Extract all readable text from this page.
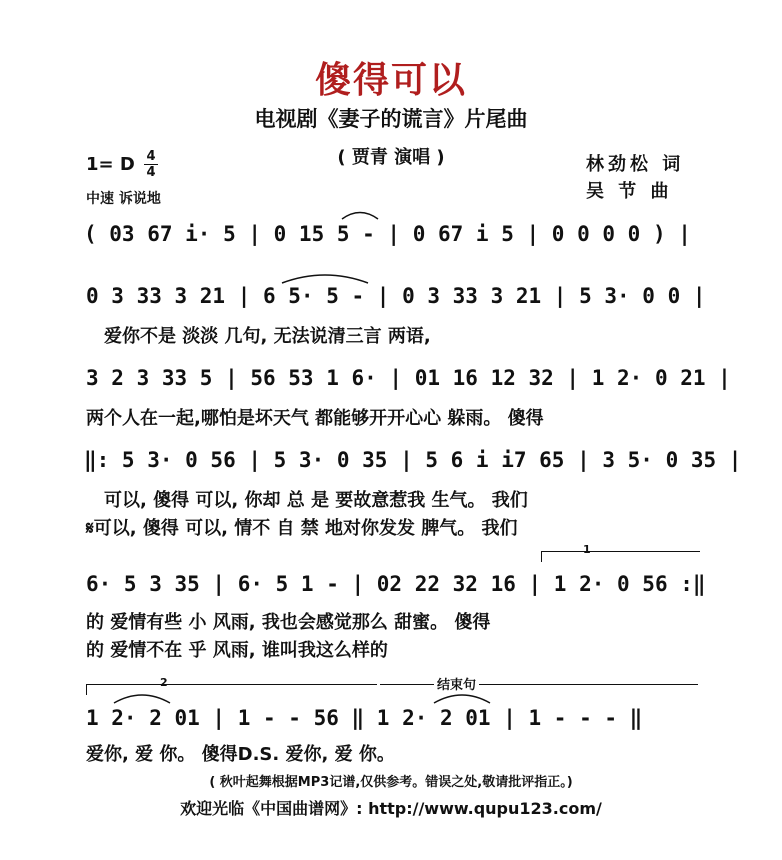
傻得可以
电视剧《妻子的谎言》片尾曲
( 贾青 演唱 )
1= D 4
4
中速 诉说地
林劲松 词
吴 节 曲
( 03 67 i· 5 | 0 15 5 - | 0 67 i 5 | 0 0 0 0 ) |
0 3 33 3 21 | 6 5· 5 - | 0 3 33 3 21 | 5 3· 0 0 |
爱你不是 淡淡 几句, 无法说清三言 两语,
3 2 3 33 5 | 56 53 1 6· | 01 16 12 32 | 1 2· 0 21 |
两个人在一起,哪怕是坏天气 都能够开开心心 躲雨。 傻得
‖: 5 3· 0 56 | 5 3· 0 35 | 5 6 i i7 65 | 3 5· 0 35 |
可以, 傻得 可以, 你却 总 是 要故意惹我 生气。 我们
𝄋可以, 傻得 可以, 情不 自 禁 地对你发发 脾气。 我们
1
6· 5 3 35 | 6· 5 1 - | 02 22 32 16 | 1 2· 0 56 :‖
的 爱情有些 小 风雨, 我也会感觉那么 甜蜜。 傻得
的 爱情不在 乎 风雨, 谁叫我这么样的
2	结束句
1 2· 2 01 | 1 - - 56 ‖ 1 2· 2 01 | 1 - - - ‖
爱你, 爱 你。 傻得D.S. 爱你, 爱 你。
( 秋叶起舞根据MP3记谱,仅供参考。错误之处,敬请批评指正。)
欢迎光临《中国曲谱网》: http://www.qupu123.com/
